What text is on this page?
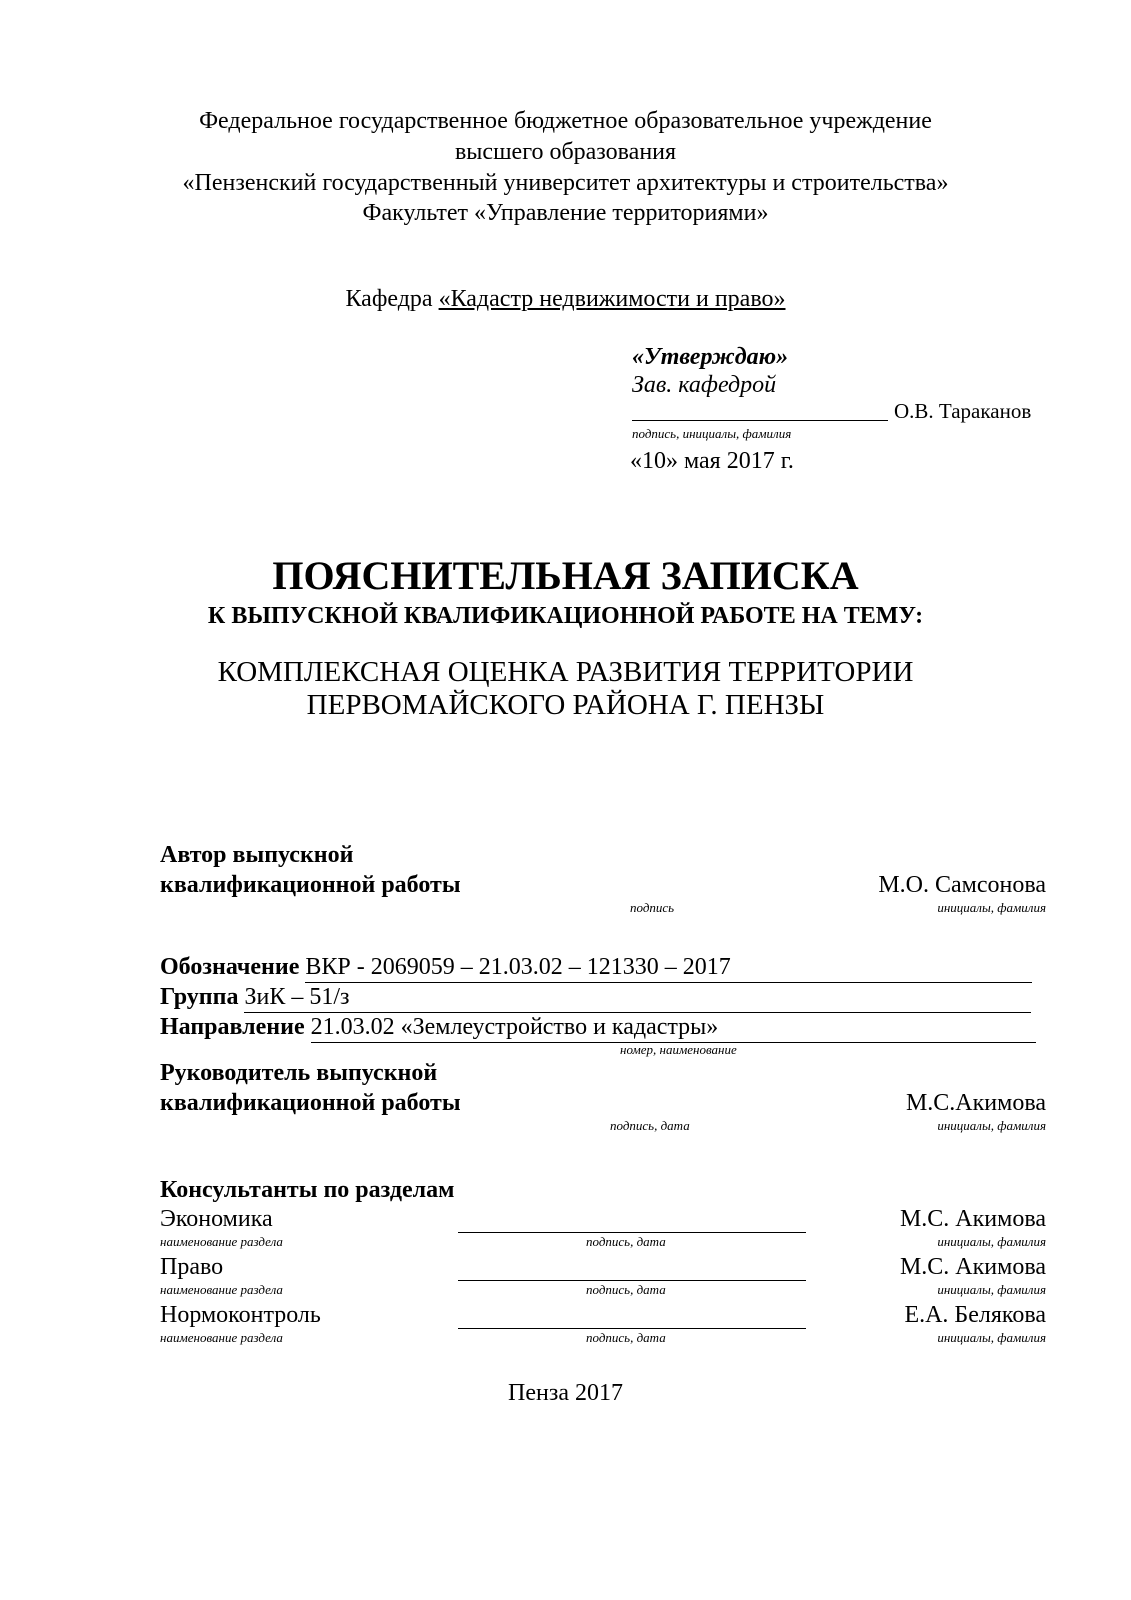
Федеральное государственное бюджетное образовательное учреждение
высшего образования
«Пензенский государственный университет архитектуры и строительства»
Факультет «Управление территориями»
Кафедра «Кадастр недвижимости и право»
«Утверждаю»
Зав. кафедрой
О.В. Тараканов
подпись, инициалы, фамилия
«10» мая 2017 г.
ПОЯСНИТЕЛЬНАЯ ЗАПИСКА
К ВЫПУСКНОЙ КВАЛИФИКАЦИОННОЙ РАБОТЕ НА ТЕМУ:
КОМПЛЕКСНАЯ ОЦЕНКА РАЗВИТИЯ ТЕРРИТОРИИ
ПЕРВОМАЙСКОГО РАЙОНА Г. ПЕНЗЫ
Автор выпускной
квалификационной работы	М.О. Самсонова
подпись	инициалы, фамилия
Обозначение ВКР - 2069059 – 21.03.02 – 121330 – 2017
Группа ЗиК – 51/з
Направление 21.03.02 «Землеустройство и кадастры»
номер, наименование
Руководитель выпускной
квалификационной работы	М.С.Акимова
подпись, дата	инициалы, фамилия
Консультанты по разделам
Экономика	М.С. Акимова
наименование раздела	подпись, дата	инициалы, фамилия
Право	М.С. Акимова
наименование раздела	подпись, дата	инициалы, фамилия
Нормоконтроль	Е.А. Белякова
наименование раздела	подпись, дата	инициалы, фамилия
Пенза 2017
